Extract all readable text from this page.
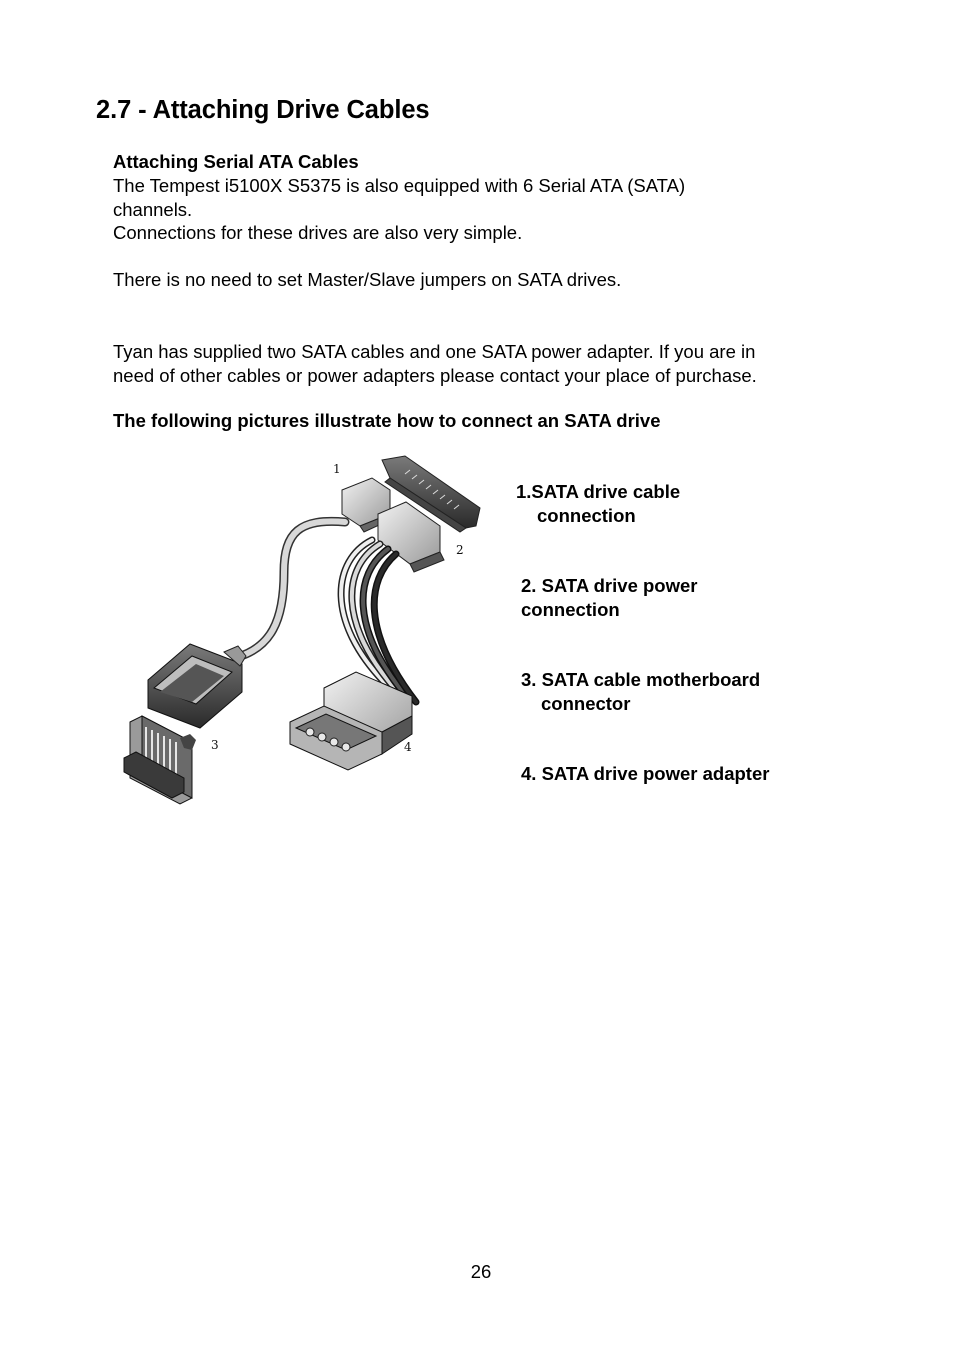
2.7 - Attaching Drive Cables
Attaching Serial ATA Cables
The Tempest i5100X S5375 is also equipped with 6 Serial ATA (SATA)
channels.
Connections for these drives are also very simple.
There is no need to set Master/Slave jumpers on SATA drives.
Tyan has supplied two SATA cables and one SATA power adapter. If you are in
need of other cables or power adapters please contact your place of purchase.
The following pictures illustrate how to connect an SATA drive
1
2
3	4
1.SATA drive cable
connection
2. SATA drive power
connection
3. SATA cable motherboard
connector
4. SATA drive power adapter
26
